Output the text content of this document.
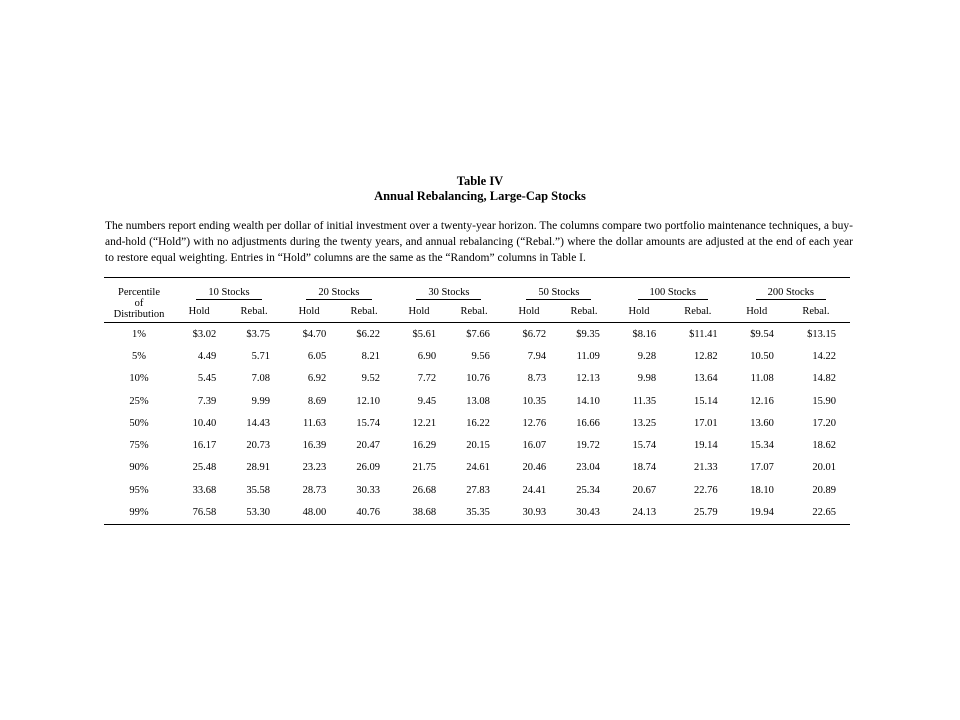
Table IV
Annual Rebalancing, Large-Cap Stocks
The numbers report ending wealth per dollar of initial investment over a twenty-year horizon. The columns compare two portfolio maintenance techniques, a buy-and-hold (“Hold”) with no adjustments during the twenty years, and annual rebalancing (“Rebal.”) where the dollar amounts are adjusted at the end of each year to restore equal weighting. Entries in “Hold” columns are the same as the “Random” columns in Table I.
Percentile
of
Distribution	10 Stocks		20 Stocks		30 Stocks		50 Stocks		100 Stocks		200 Stocks	
	Hold	Rebal.	Hold	Rebal.	Hold	Rebal.	Hold	Rebal.	Hold	Rebal.	Hold	Rebal.
1%	$3.02	$3.75	$4.70	$6.22	$5.61	$7.66	$6.72	$9.35	$8.16	$11.41	$9.54	$13.15
5%	4.49	5.71	6.05	8.21	6.90	9.56	7.94	11.09	9.28	12.82	10.50	14.22
10%	5.45	7.08	6.92	9.52	7.72	10.76	8.73	12.13	9.98	13.64	11.08	14.82
25%	7.39	9.99	8.69	12.10	9.45	13.08	10.35	14.10	11.35	15.14	12.16	15.90
50%	10.40	14.43	11.63	15.74	12.21	16.22	12.76	16.66	13.25	17.01	13.60	17.20
75%	16.17	20.73	16.39	20.47	16.29	20.15	16.07	19.72	15.74	19.14	15.34	18.62
90%	25.48	28.91	23.23	26.09	21.75	24.61	20.46	23.04	18.74	21.33	17.07	20.01
95%	33.68	35.58	28.73	30.33	26.68	27.83	24.41	25.34	20.67	22.76	18.10	20.89
99%	76.58	53.30	48.00	40.76	38.68	35.35	30.93	30.43	24.13	25.79	19.94	22.65
